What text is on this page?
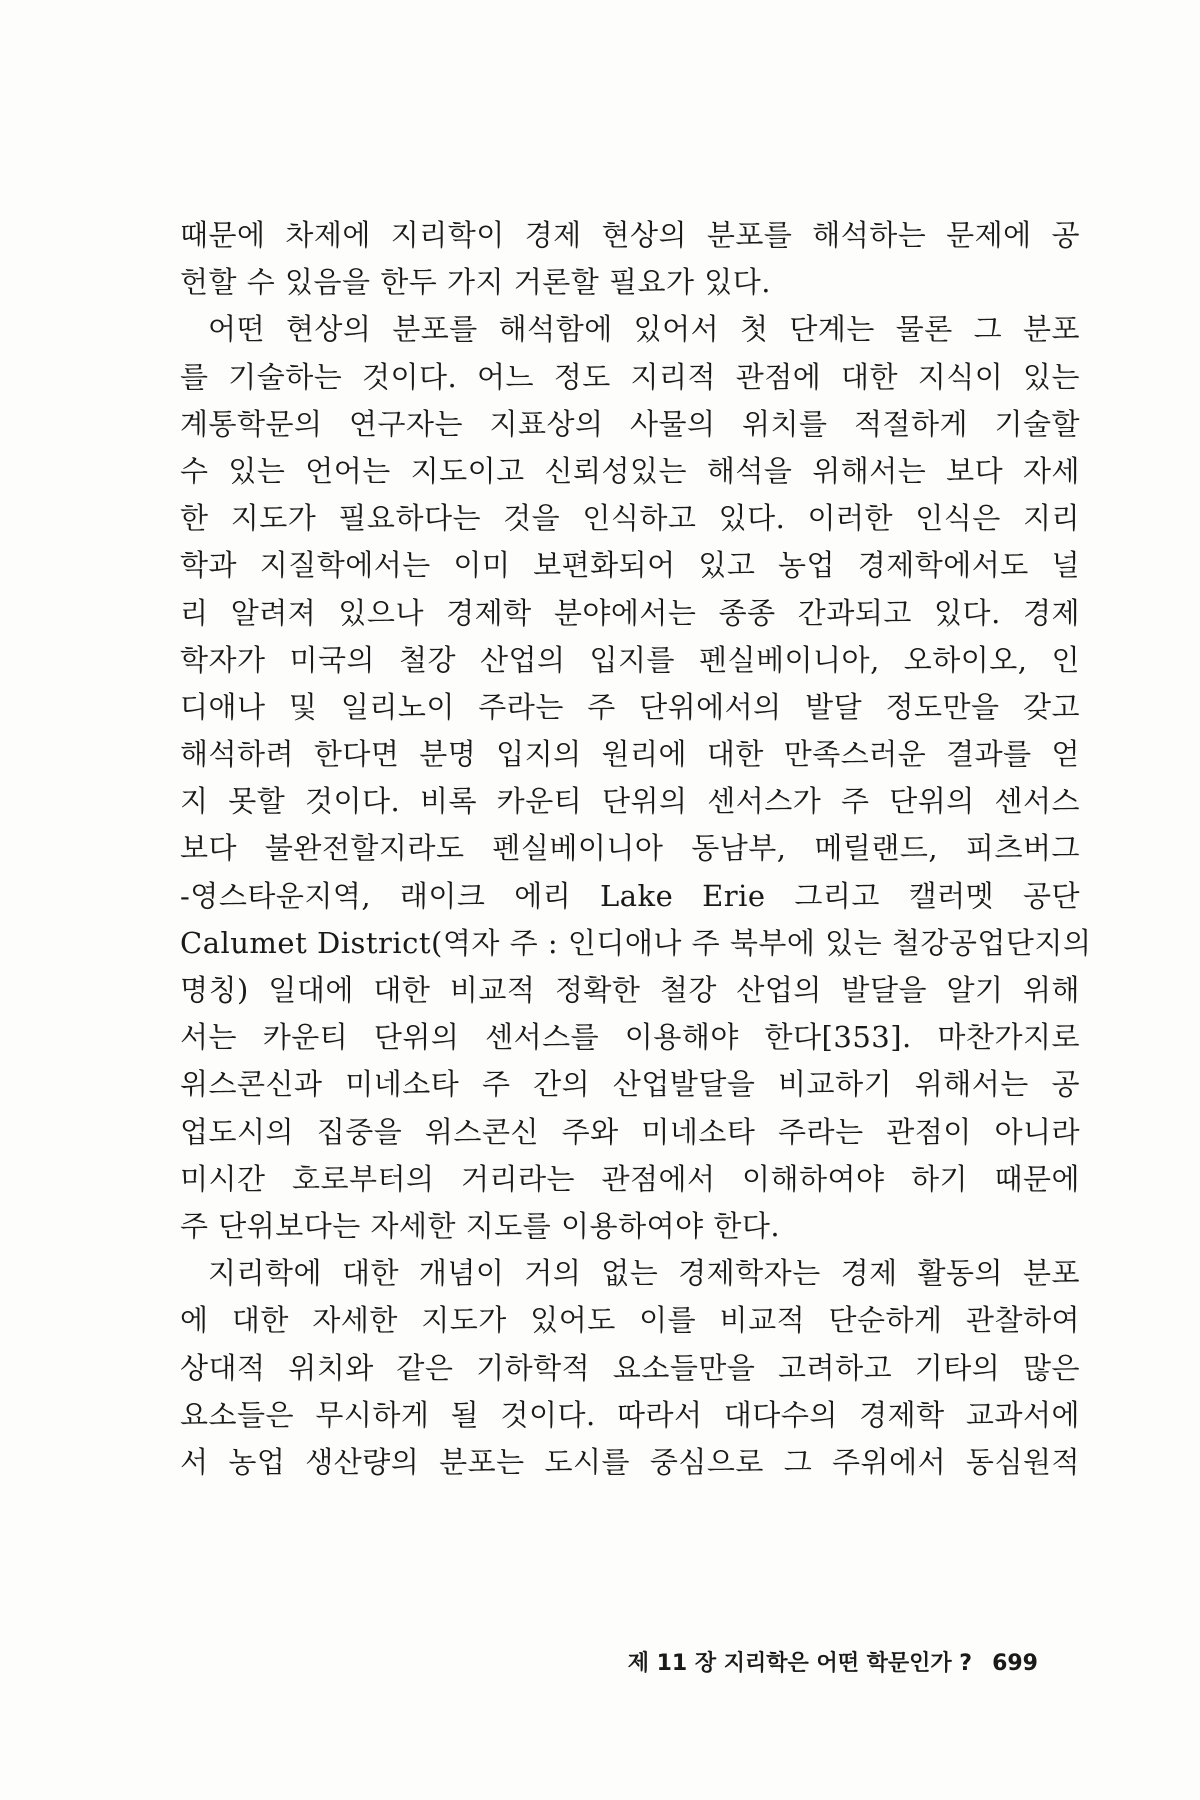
때문에 차제에 지리학이 경제 현상의 분포를 해석하는 문제에 공
헌할 수 있음을 한두 가지 거론할 필요가 있다.
어떤 현상의 분포를 해석함에 있어서 첫 단계는 물론 그 분포
를 기술하는 것이다. 어느 정도 지리적 관점에 대한 지식이 있는
계통학문의 연구자는 지표상의 사물의 위치를 적절하게 기술할
수 있는 언어는 지도이고 신뢰성있는 해석을 위해서는 보다 자세
한 지도가 필요하다는 것을 인식하고 있다. 이러한 인식은 지리
학과 지질학에서는 이미 보편화되어 있고 농업 경제학에서도 널
리 알려져 있으나 경제학 분야에서는 종종 간과되고 있다. 경제
학자가 미국의 철강 산업의 입지를 펜실베이니아, 오하이오, 인
디애나 및 일리노이 주라는 주 단위에서의 발달 정도만을 갖고
해석하려 한다면 분명 입지의 원리에 대한 만족스러운 결과를 얻
지 못할 것이다. 비록 카운티 단위의 센서스가 주 단위의 센서스
보다 불완전할지라도 펜실베이니아 동남부, 메릴랜드, 피츠버그
-영스타운지역, 래이크 에리 Lake Erie 그리고 캘러멧 공단
Calumet District(역자 주 : 인디애나 주 북부에 있는 철강공업단지의
명칭) 일대에 대한 비교적 정확한 철강 산업의 발달을 알기 위해
서는 카운티 단위의 센서스를 이용해야 한다[353]. 마찬가지로
위스콘신과 미네소타 주 간의 산업발달을 비교하기 위해서는 공
업도시의 집중을 위스콘신 주와 미네소타 주라는 관점이 아니라
미시간 호로부터의 거리라는 관점에서 이해하여야 하기 때문에
주 단위보다는 자세한 지도를 이용하여야 한다.
지리학에 대한 개념이 거의 없는 경제학자는 경제 활동의 분포
에 대한 자세한 지도가 있어도 이를 비교적 단순하게 관찰하여
상대적 위치와 같은 기하학적 요소들만을 고려하고 기타의 많은
요소들은 무시하게 될 것이다. 따라서 대다수의 경제학 교과서에
서 농업 생산량의 분포는 도시를 중심으로 그 주위에서 동심원적
제 11 장 지리학은 어떤 학문인가 ? 699
